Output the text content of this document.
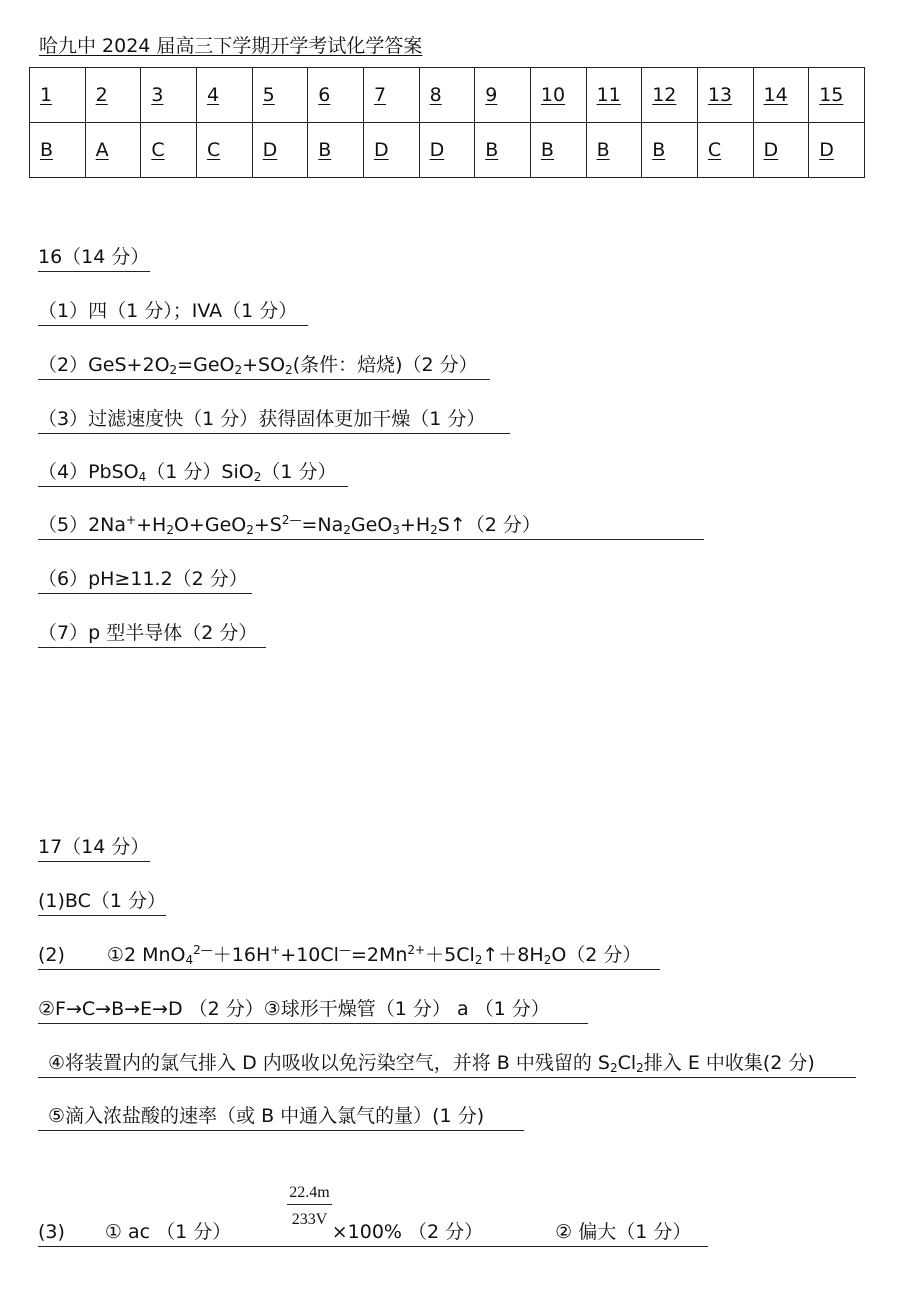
哈九中 2024 届高三下学期开学考试化学答案
1	2	3	4	5	6	7	8	9	10	11	12	13	14	15
B	A	C	C	D	B	D	D	B	B	B	B	C	D	D
16（14 分）
（1）四（1 分）；IVA（1 分）
$(2)GeS+2O_2=GeO_2+SO_2$(条件：焙烧)（2 分）
（3）过滤速度快（1 分）获得固体更加干燥（1 分）
（4）PbSO$_4$（1 分）SiO$_2$（1 分）
$(5)2Na^++H_2O+GeO_2+S^{2—}=Na_2GeO_3+H_2S↑(2$ 分）
（6）pH≥11.2（2 分）
（7）p 型半导体（2 分）
17（14 分）
(1)BC（1 分）
(2) ①2 $MnO_4^{2—}+16H^++10Cl^—=2Mn^{2+}+5Cl_2↑+8H_2O(2$ 分）
②F→C→B→E→D （2 分）③球形干燥管（1 分） a （1 分）
④将装置内的氯气排入 D 内吸收以免污染空气，并将 B 中残留的 $S_2Cl_2$排入 E 中收集(2 分)
⑤滴入浓盐酸的速率（或 B 中通入氯气的量）(1 分)
(3) ① ac （1 分）
$\frac{22.4m}{233V}$
×100% （2 分）	② 偏大（1 分）
